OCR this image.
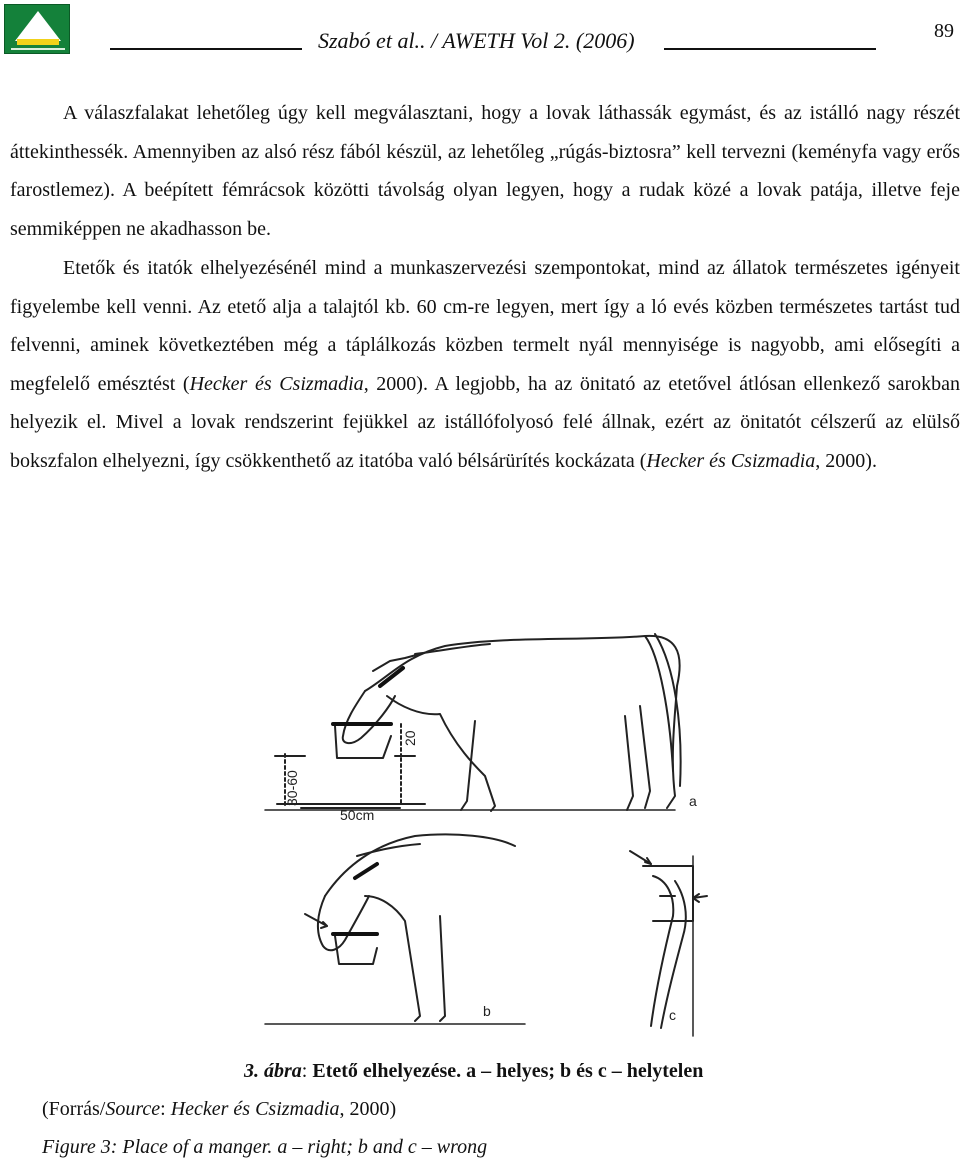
Szabó et al.. / AWETH Vol 2. (2006)	89

A válaszfalakat lehetőleg úgy kell megválasztani, hogy a lovak láthassák egymást, és az istálló nagy részét áttekinthessék. Amennyiben az alsó rész fából készül, az lehetőleg „rúgás-biztosra” kell tervezni (keményfa vagy erős farostlemez). A beépített fémrácsok közötti távolság olyan legyen, hogy a rudak közé a lovak patája, illetve feje semmiképpen ne akadhasson be.

Etetők és itatók elhelyezésénél mind a munkaszervezési szempontokat, mind az állatok természetes igényeit figyelembe kell venni. Az etető alja a talajtól kb. 60 cm-re legyen, mert így a ló evés közben természetes tartást tud felvenni, aminek következtében még a táplálkozás közben termelt nyál mennyisége is nagyobb, ami elősegíti a megfelelő emésztést (Hecker és Csizmadia, 2000). A legjobb, ha az önitató az etetővel átlósan ellenkező sarokban helyezik el. Mivel a lovak rendszerint fejükkel az istállófolyosó felé állnak, ezért az önitatót célszerű az elülső bokszfalon elhelyezni, így csökkenthető az itatóba való bélsárürítés kockázata (Hecker és Csizmadia, 2000).

20
30-60
50cm
a
b	c
3. ábra: Etető elhelyezése. a – helyes; b és c – helytelen
(Forrás/Source: Hecker és Csizmadia, 2000)
Figure 3: Place of a manger. a – right; b and c – wrong
